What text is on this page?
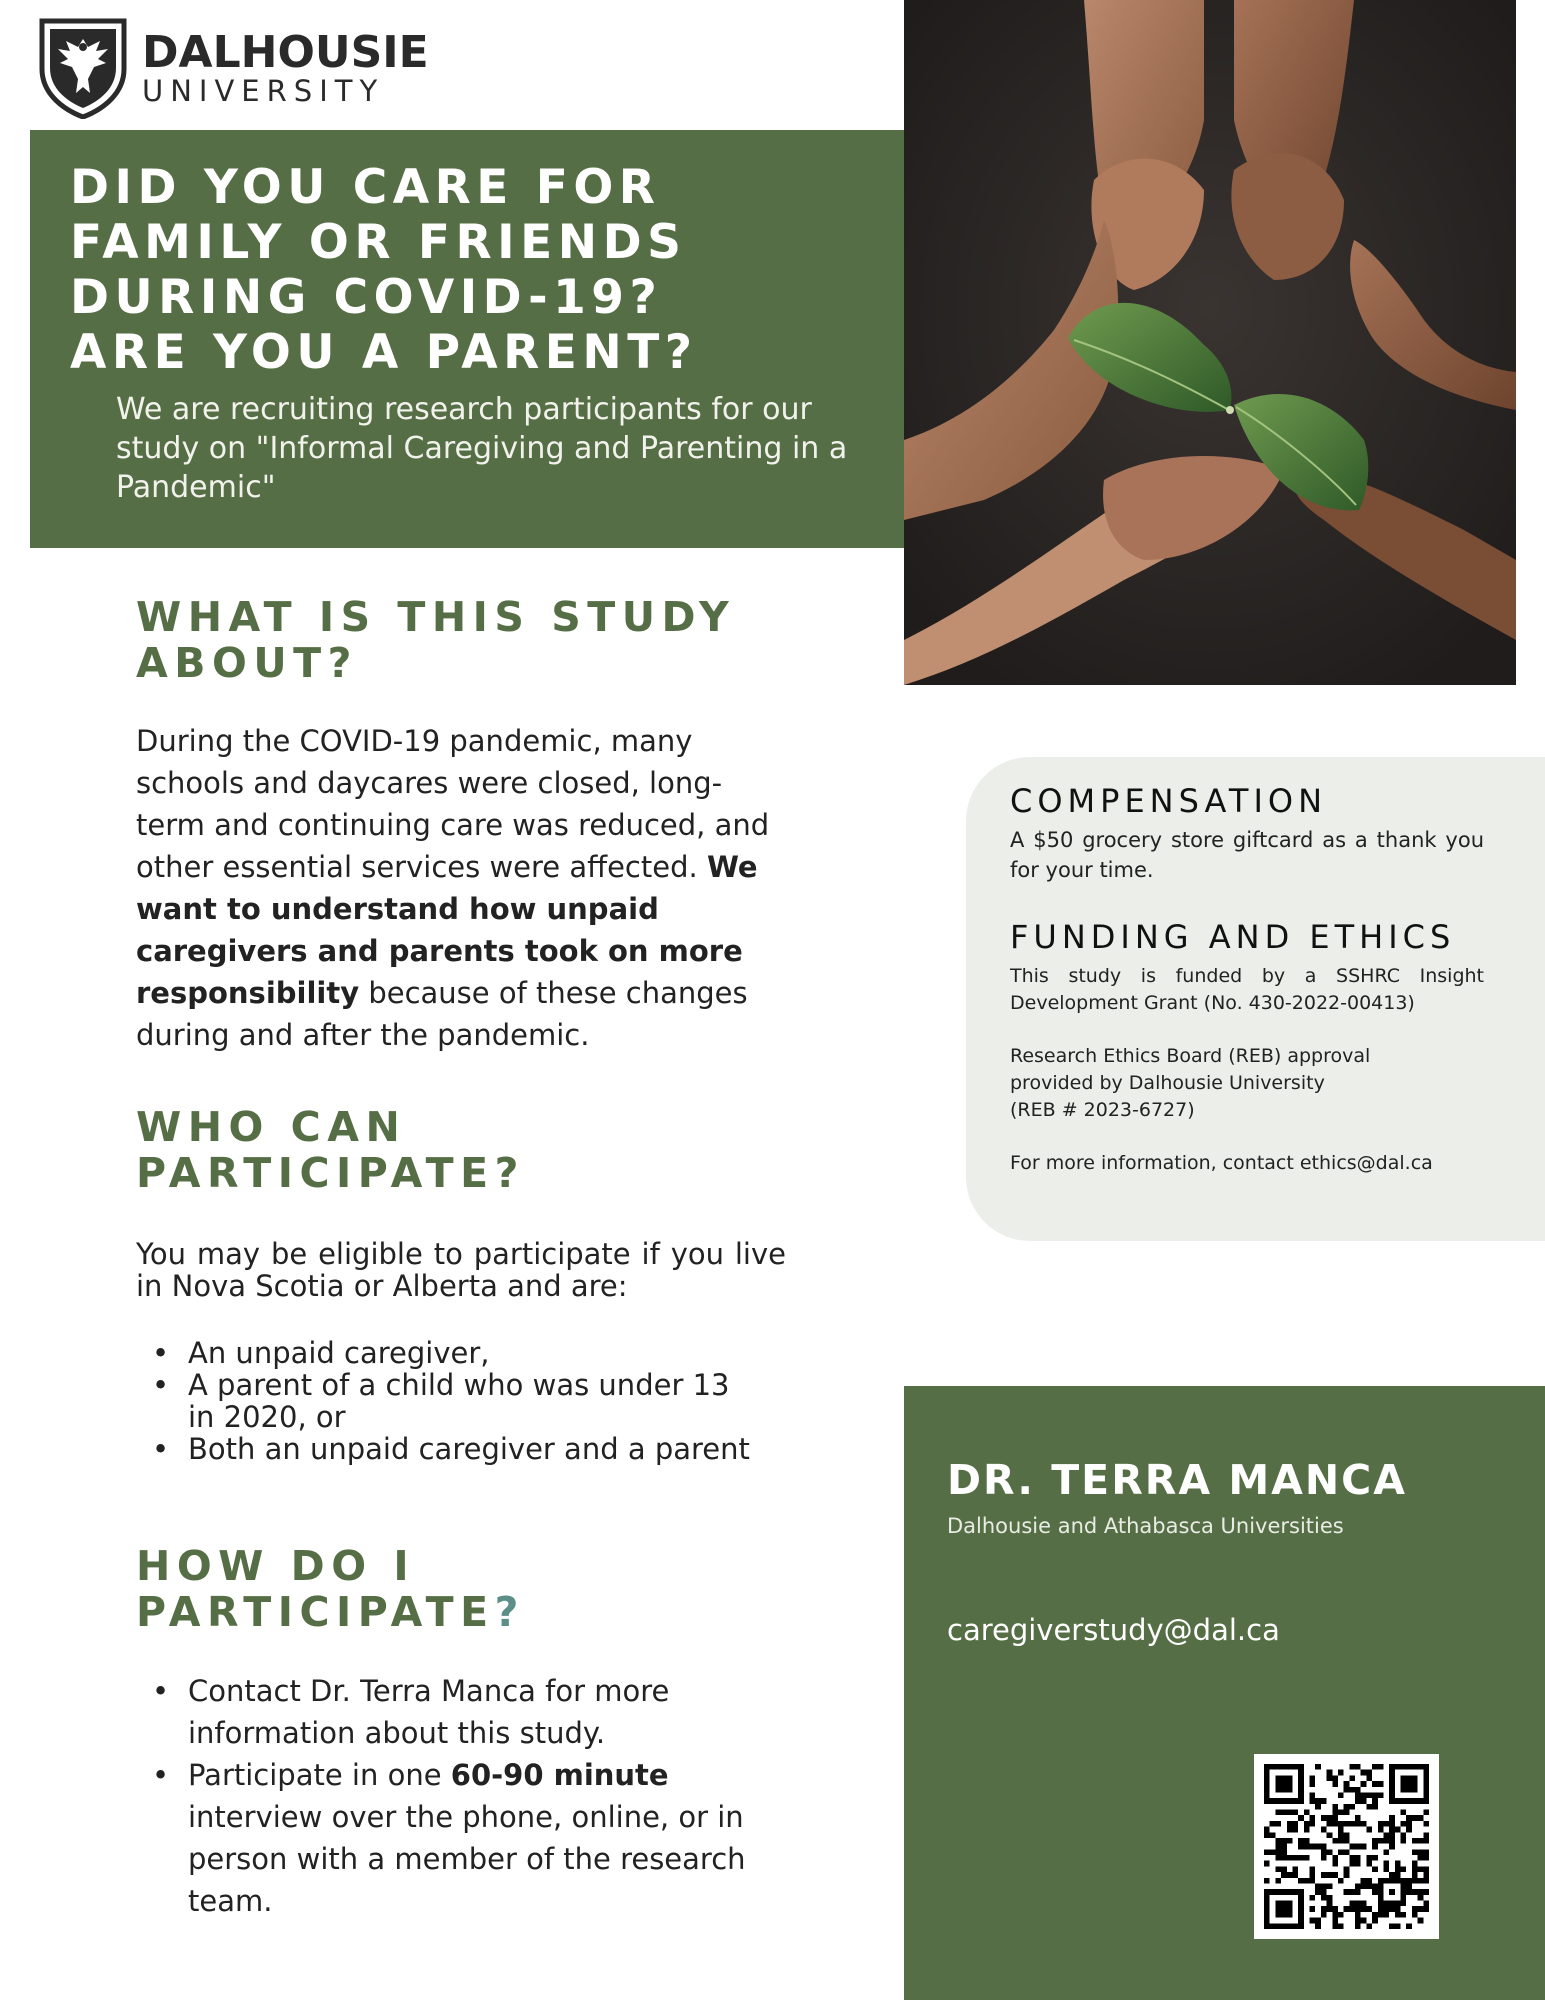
DALHOUSIE
UNIVERSITY
DID YOU CARE FOR
FAMILY OR FRIENDS
DURING COVID-19?
ARE YOU A PARENT?
We are recruiting research participants for our study on "Informal Caregiving and Parenting in a Pandemic"
WHAT IS THIS STUDY
ABOUT?
During the COVID-19 pandemic, many schools and daycares were closed, long-term and continuing care was reduced, and other essential services were affected. We want to understand how unpaid caregivers and parents took on more responsibility because of these changes during and after the pandemic.
WHO CAN
PARTICIPATE?
You may be eligible to participate if you live in Nova Scotia or Alberta and are:
• An unpaid caregiver,
• A parent of a child who was under 13 in 2020, or
• Both an unpaid caregiver and a parent
HOW DO I
PARTICIPATE?
• Contact Dr. Terra Manca for more information about this study.
• Participate in one 60-90 minute interview over the phone, online, or in person with a member of the research team.
COMPENSATION
A $50 grocery store giftcard as a thank you for your time.
FUNDING AND ETHICS
This study is funded by a SSHRC Insight Development Grant (No. 430-2022-00413)
Research Ethics Board (REB) approval
provided by Dalhousie University
(REB # 2023-6727)
For more information, contact ethics@dal.ca
DR. TERRA MANCA
Dalhousie and Athabasca Universities
caregiverstudy@dal.ca
